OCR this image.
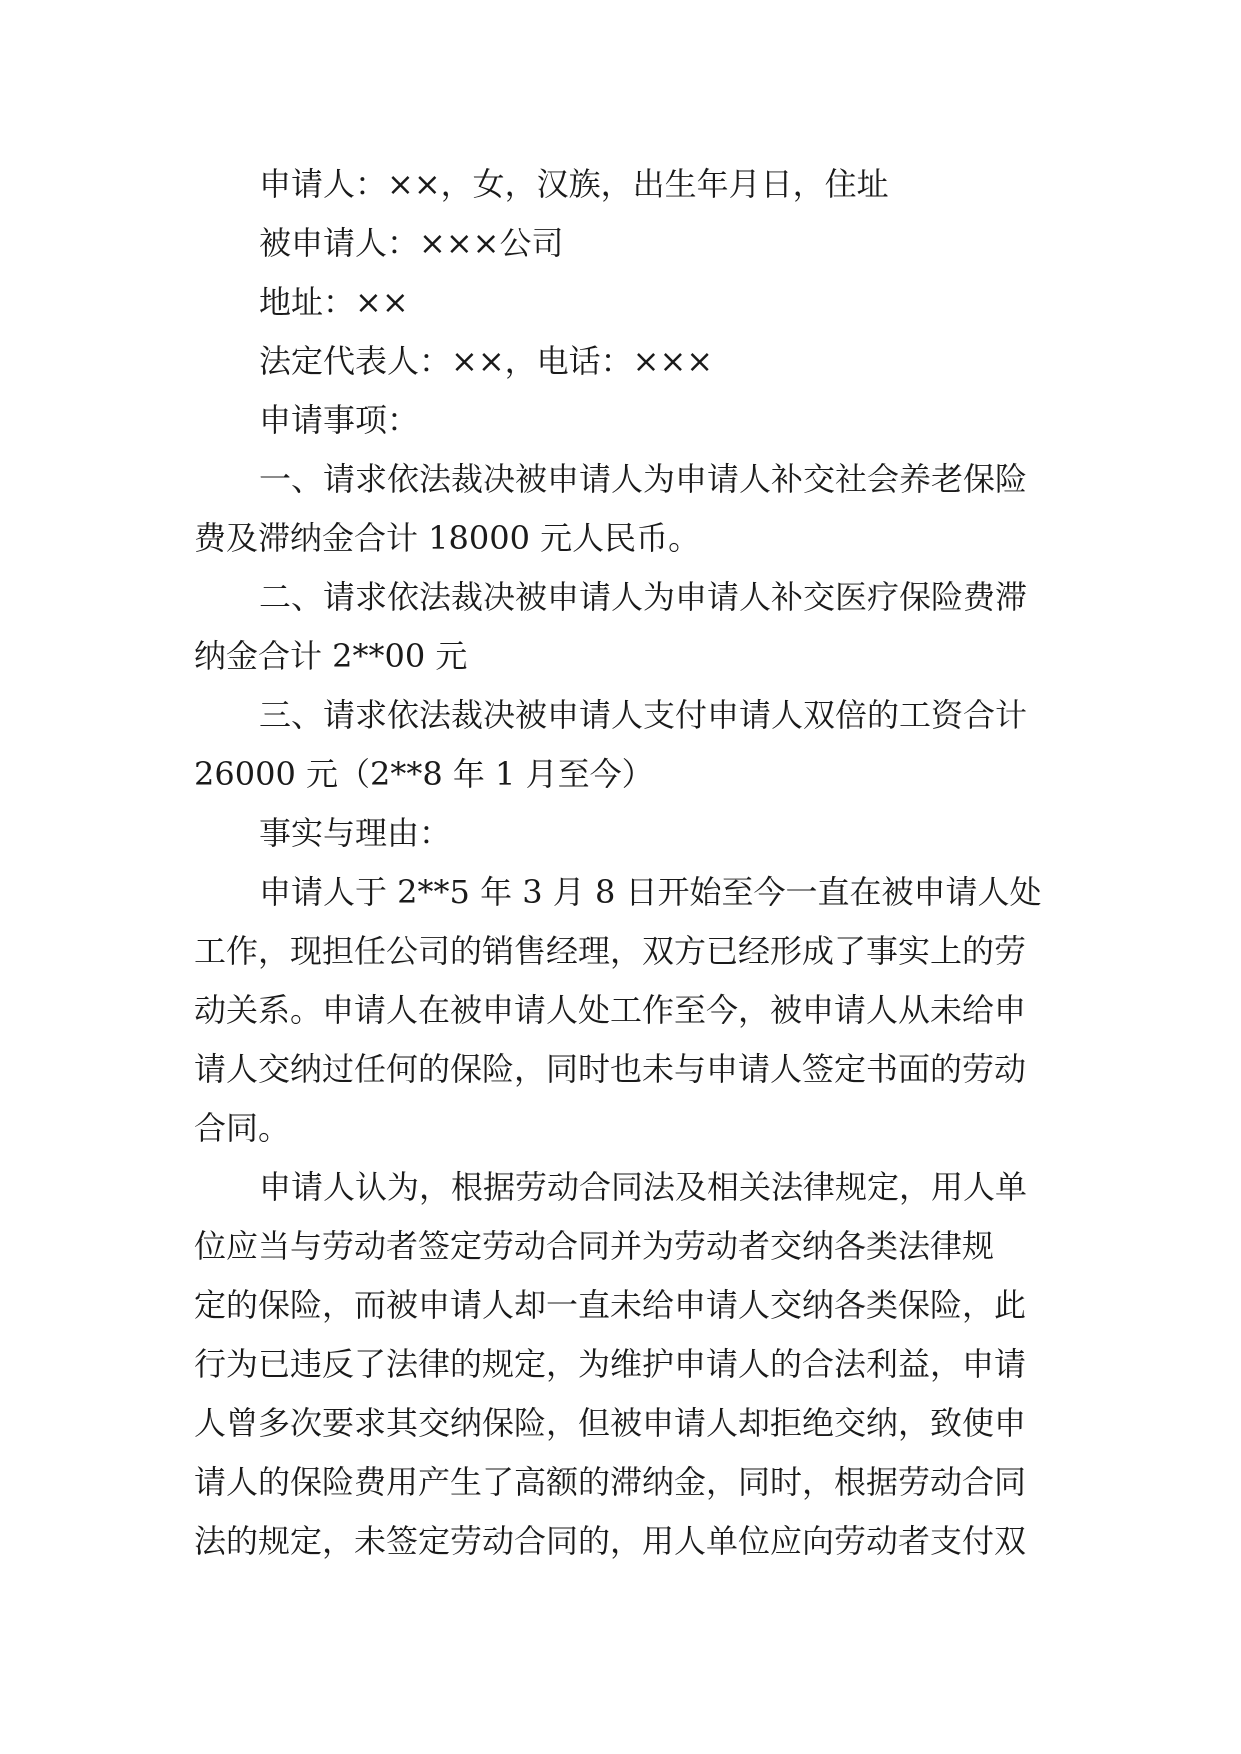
申请人：××，女，汉族，出生年月日，住址
被申请人：×××公司
地址：××
法定代表人：××，电话：×××
申请事项：
一、请求依法裁决被申请人为申请人补交社会养老保险
费及滞纳金合计 18000 元人民币。
二、请求依法裁决被申请人为申请人补交医疗保险费滞
纳金合计 2**00 元
三、请求依法裁决被申请人支付申请人双倍的工资合计
26000 元（2**8 年 1 月至今）
事实与理由：
申请人于 2**5 年 3 月 8 日开始至今一直在被申请人处
工作，现担任公司的销售经理，双方已经形成了事实上的劳
动关系。申请人在被申请人处工作至今，被申请人从未给申
请人交纳过任何的保险，同时也未与申请人签定书面的劳动
合同。
申请人认为，根据劳动合同法及相关法律规定，用人单
位应当与劳动者签定劳动合同并为劳动者交纳各类法律规
定的保险，而被申请人却一直未给申请人交纳各类保险，此
行为已违反了法律的规定，为维护申请人的合法利益，申请
人曾多次要求其交纳保险，但被申请人却拒绝交纳，致使申
请人的保险费用产生了高额的滞纳金，同时，根据劳动合同
法的规定，未签定劳动合同的，用人单位应向劳动者支付双
